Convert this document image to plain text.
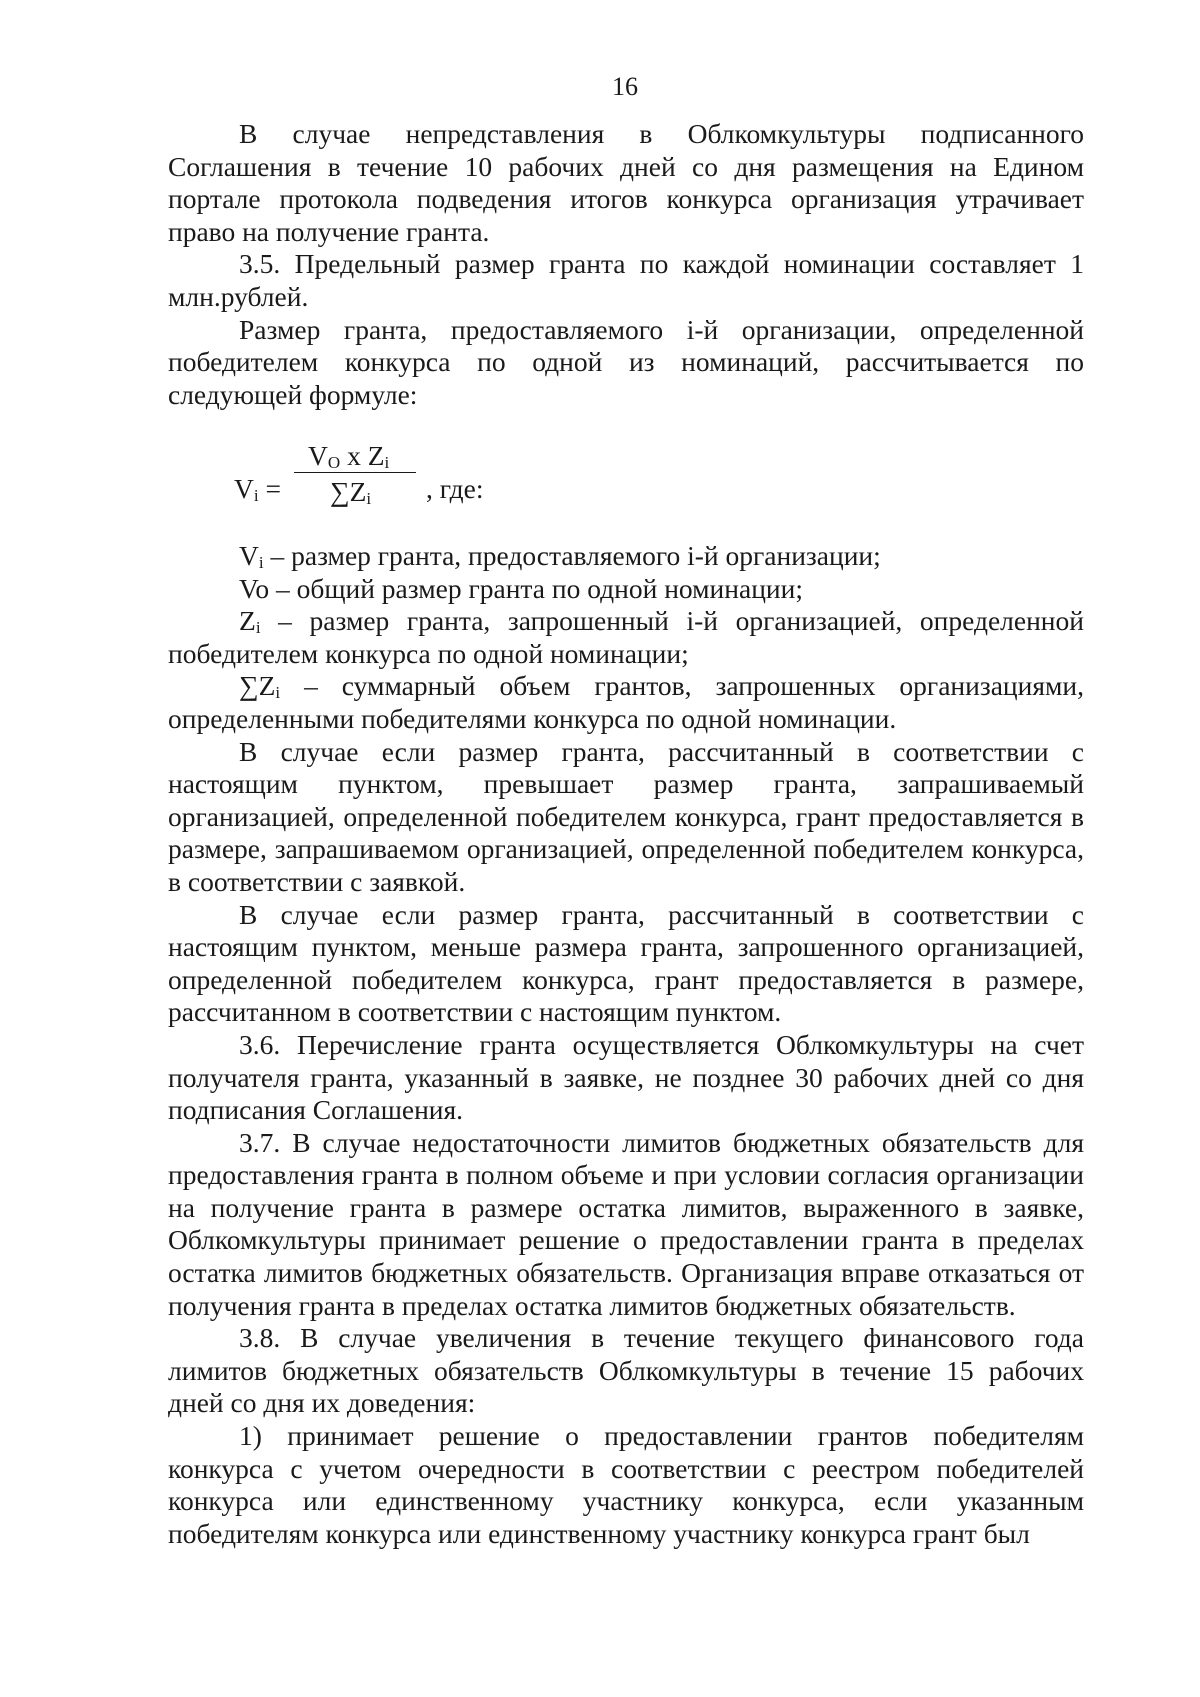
16

В случае непредставления в Облкомкультуры подписанного Соглашения в течение 10 рабочих дней со дня размещения на Едином портале протокола подведения итогов конкурса организация утрачивает право на получение гранта.

3.5. Предельный размер гранта по каждой номинации составляет 1 млн.рублей.

Размер гранта, предоставляемого i-й организации, определенной победителем конкурса по одной из номинаций, рассчитывается по следующей формуле:

$V_i$ =
$V_O$ x $Z_i$
$\sum Z_i$ , где:

$V_i$ – размер гранта, предоставляемого i-й организации;

Vo – общий размер гранта по одной номинации;

$Z_i$ – размер гранта, запрошенный i-й организацией, определенной победителем конкурса по одной номинации;

$\sum Z_i$ – суммарный объем грантов, запрошенных организациями, определенными победителями конкурса по одной номинации.

В случае если размер гранта, рассчитанный в соответствии с настоящим пунктом, превышает размер гранта, запрашиваемый организацией, определенной победителем конкурса, грант предоставляется в размере, запрашиваемом организацией, определенной победителем конкурса, в соответствии с заявкой.

В случае если размер гранта, рассчитанный в соответствии с настоящим пунктом, меньше размера гранта, запрошенного организацией, определенной победителем конкурса, грант предоставляется в размере, рассчитанном в соответствии с настоящим пунктом.

3.6. Перечисление гранта осуществляется Облкомкультуры на счет получателя гранта, указанный в заявке, не позднее 30 рабочих дней со дня подписания Соглашения.

3.7. В случае недостаточности лимитов бюджетных обязательств для предоставления гранта в полном объеме и при условии согласия организации на получение гранта в размере остатка лимитов, выраженного в заявке, Облкомкультуры принимает решение о предоставлении гранта в пределах остатка лимитов бюджетных обязательств. Организация вправе отказаться от получения гранта в пределах остатка лимитов бюджетных обязательств.

3.8. В случае увеличения в течение текущего финансового года лимитов бюджетных обязательств Облкомкультуры в течение 15 рабочих дней со дня их доведения:

1) принимает решение о предоставлении грантов победителям конкурса с учетом очередности в соответствии с реестром победителей конкурса или единственному участнику конкурса, если указанным победителям конкурса или единственному участнику конкурса грант был
